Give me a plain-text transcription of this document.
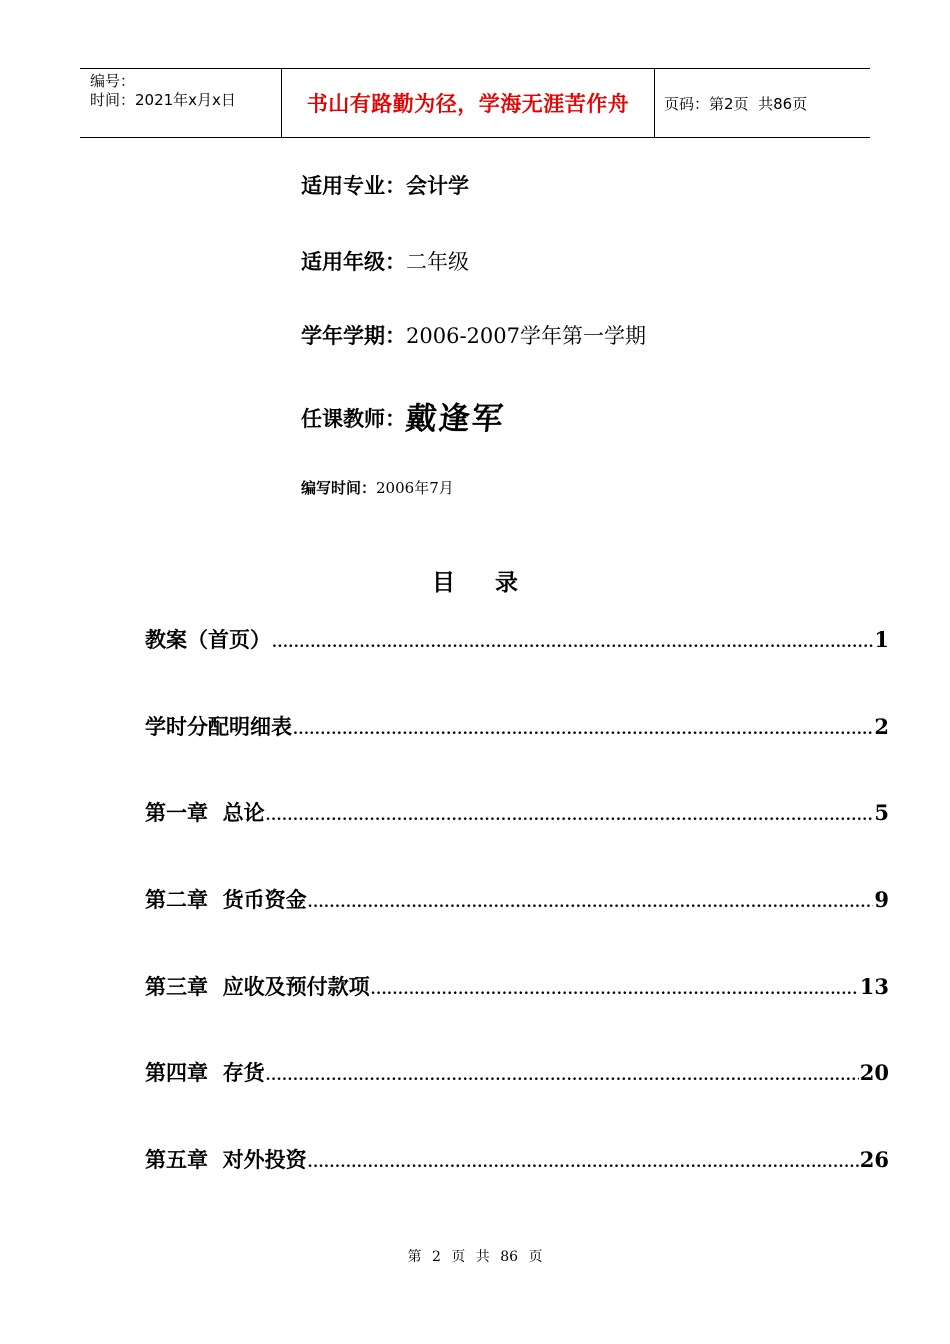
编号：
时间：2021年x月x日	书山有路勤为径，学海无涯苦作舟	页码：第2页  共86页
适用专业：会计学
适用年级：二年级
学年学期：2006-2007学年第一学期
任课教师：戴逢军
编写时间：2006年7月
目录
教案（首页） .....	1
学时分配明细表 .....	2
第一章  总论 .....	5
第二章  货币资金 .....	9
第三章  应收及预付款项 .....	13
第四章  存货 .....	20
第五章  对外投资 .....	26
第 2 页 共 86 页
